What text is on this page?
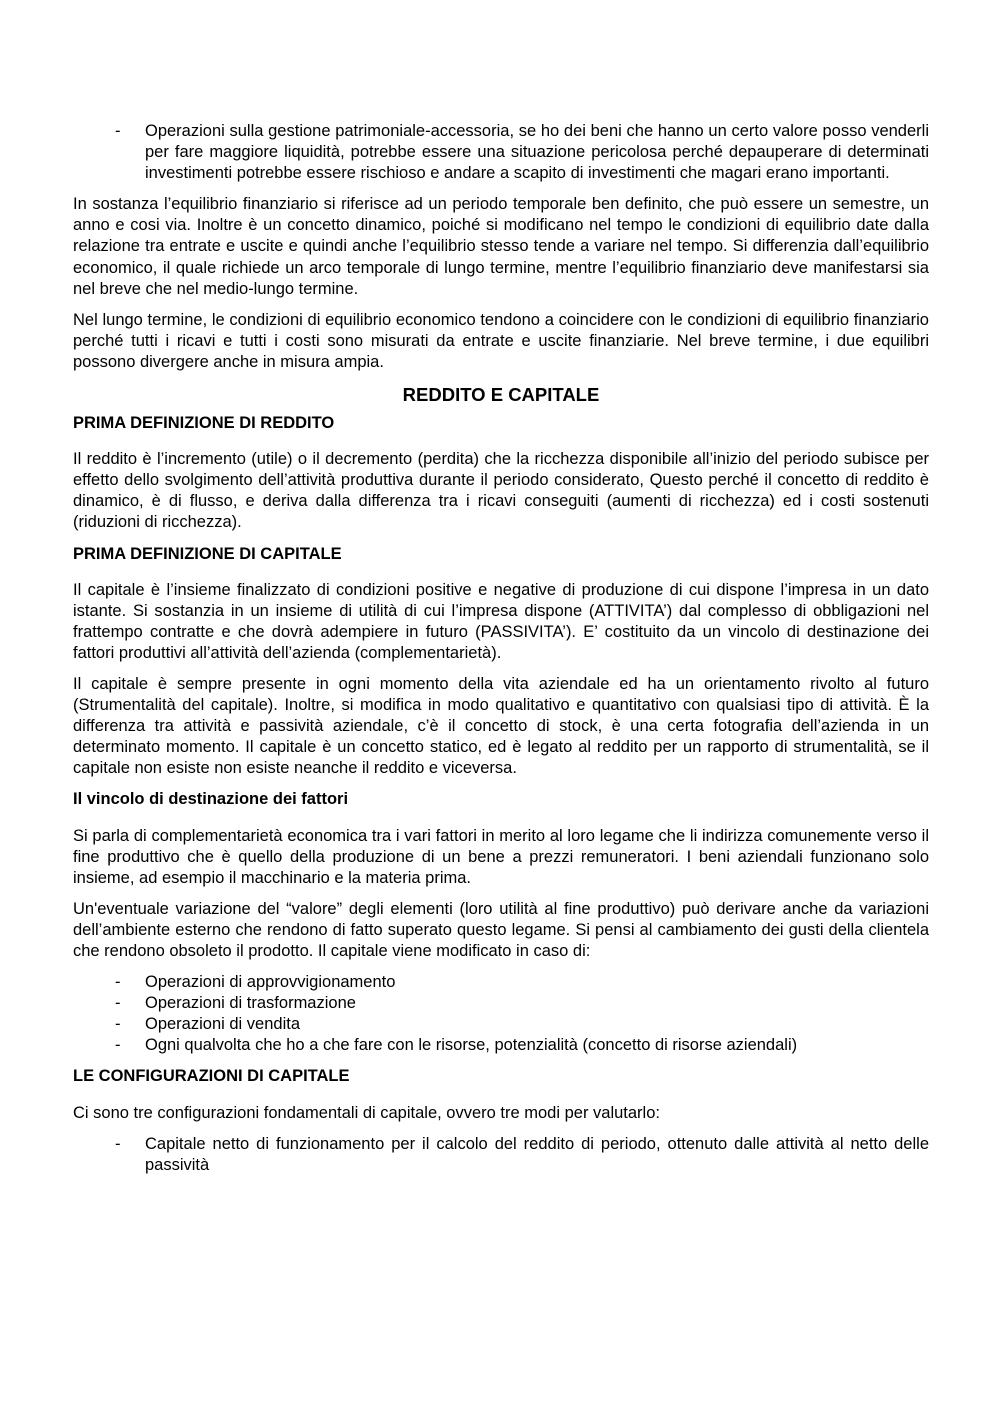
- Operazioni sulla gestione patrimoniale-accessoria, se ho dei beni che hanno un certo valore posso venderli per fare maggiore liquidità, potrebbe essere una situazione pericolosa perché depauperare di determinati investimenti potrebbe essere rischioso e andare a scapito di investimenti che magari erano importanti.

In sostanza l’equilibrio finanziario si riferisce ad un periodo temporale ben definito, che può essere un semestre, un anno e cosi via. Inoltre è un concetto dinamico, poiché si modificano nel tempo le condizioni di equilibrio date dalla relazione tra entrate e uscite e quindi anche l’equilibrio stesso tende a variare nel tempo. Si differenzia dall’equilibrio economico, il quale richiede un arco temporale di lungo termine, mentre l’equilibrio finanziario deve manifestarsi sia nel breve che nel medio-lungo termine.

Nel lungo termine, le condizioni di equilibrio economico tendono a coincidere con le condizioni di equilibrio finanziario perché tutti i ricavi e tutti i costi sono misurati da entrate e uscite finanziarie. Nel breve termine, i due equilibri possono divergere anche in misura ampia.

REDDITO E CAPITALE
PRIMA DEFINIZIONE DI REDDITO

Il reddito è l’incremento (utile) o il decremento (perdita) che la ricchezza disponibile all’inizio del periodo subisce per effetto dello svolgimento dell’attività produttiva durante il periodo considerato, Questo perché il concetto di reddito è dinamico, è di flusso, e deriva dalla differenza tra i ricavi conseguiti (aumenti di ricchezza) ed i costi sostenuti (riduzioni di ricchezza).

PRIMA DEFINIZIONE DI CAPITALE

Il capitale è l’insieme finalizzato di condizioni positive e negative di produzione di cui dispone l’impresa in un dato istante. Si sostanzia in un insieme di utilità di cui l’impresa dispone (ATTIVITA’) dal complesso di obbligazioni nel frattempo contratte e che dovrà adempiere in futuro (PASSIVITA’). E’ costituito da un vincolo di destinazione dei fattori produttivi all’attività dell’azienda (complementarietà).

Il capitale è sempre presente in ogni momento della vita aziendale ed ha un orientamento rivolto al futuro (Strumentalità del capitale). Inoltre, si modifica in modo qualitativo e quantitativo con qualsiasi tipo di attività. È la differenza tra attività e passività aziendale, c’è il concetto di stock, è una certa fotografia dell’azienda in un determinato momento. Il capitale è un concetto statico, ed è legato al reddito per un rapporto di strumentalità, se il capitale non esiste non esiste neanche il reddito e viceversa.

Il vincolo di destinazione dei fattori

Si parla di complementarietà economica tra i vari fattori in merito al loro legame che li indirizza comunemente verso il fine produttivo che è quello della produzione di un bene a prezzi remuneratori. I beni aziendali funzionano solo insieme, ad esempio il macchinario e la materia prima.

Un'eventuale variazione del “valore” degli elementi (loro utilità al fine produttivo) può derivare anche da variazioni dell’ambiente esterno che rendono di fatto superato questo legame. Si pensi al cambiamento dei gusti della clientela che rendono obsoleto il prodotto. Il capitale viene modificato in caso di:

- Operazioni di approvvigionamento
- Operazioni di trasformazione
- Operazioni di vendita
- Ogni qualvolta che ho a che fare con le risorse, potenzialità (concetto di risorse aziendali)
LE CONFIGURAZIONI DI CAPITALE

Ci sono tre configurazioni fondamentali di capitale, ovvero tre modi per valutarlo:

- Capitale netto di funzionamento per il calcolo del reddito di periodo, ottenuto dalle attività al netto delle passività
